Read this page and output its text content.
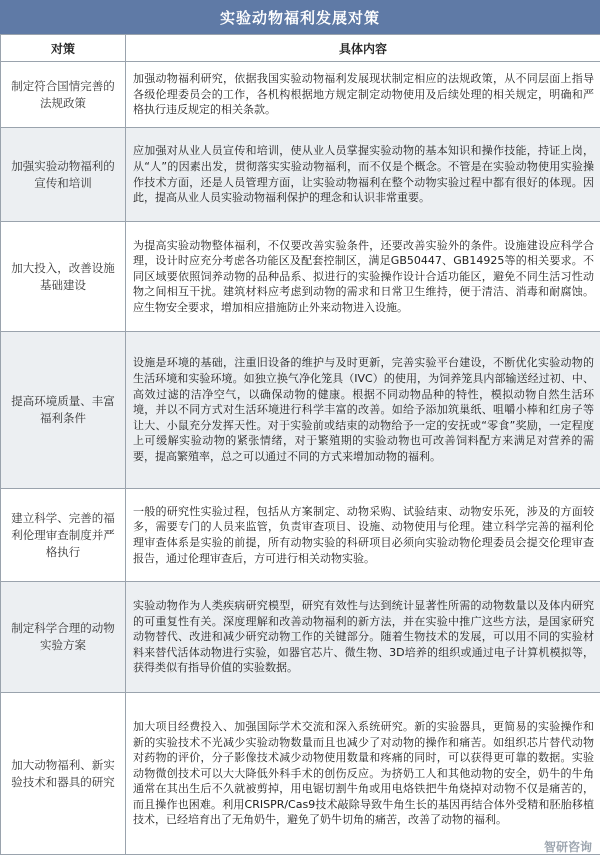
实验动物福利发展对策
对策	具体内容
制定符合国情完善的法规政策	加强动物福利研究，依据我国实验动物福利发展现状制定相应的法规政策，从不同层面上指导各级伦理委员会的工作，各机构根据地方规定制定动物使用及后续处理的相关规定，明确和严格执行违反规定的相关条款。
加强实验动物福利的宣传和培训	应加强对从业人员宣传和培训，使从业人员掌握实验动物的基本知识和操作技能，持证上岗，从“人”的因素出发，贯彻落实实验动物福利，而不仅是个概念。不管是在实验动物使用实验操作技术方面，还是人员管理方面，让实验动物福利在整个动物实验过程中都有很好的体现。因此，提高从业人员实验动物福利保护的理念和认识非常重要。
加大投入，改善设施基础建设	为提高实验动物整体福利，不仅要改善实验条件，还要改善实验外的条件。设施建设应科学合理，设计时应充分考虑各功能区及配套控制区，满足GB50447、GB14925等的相关要求。不同区域要依照饲养动物的品种品系、拟进行的实验操作设计合适功能区，避免不同生活习性动物之间相互干扰。建筑材料应考虑到动物的需求和日常卫生维持，便于清洁、消毒和耐腐蚀。应生物安全要求，增加相应措施防止外来动物进入设施。
提高环境质量、丰富福利条件	设施是环境的基础，注重旧设备的维护与及时更新，完善实验平台建设，不断优化实验动物的生活环境和实验环境。如独立换气净化笼具（IVC）的使用，为饲养笼具内部输送经过初、中、高效过滤的洁净空气，以确保动物的健康。根据不同动物品种的特性，模拟动物自然生活环境，并以不同方式对生活环境进行科学丰富的改善。如给予添加筑巢纸、咀嚼小棒和红房子等让大、小鼠充分发挥天性。对于实验前或结束的动物给予一定的安抚或“零食”奖励，一定程度上可缓解实验动物的紧张情绪，对于繁殖期的实验动物也可改善饲料配方来满足对营养的需要，提高繁殖率，总之可以通过不同的方式来增加动物的福利。
建立科学、完善的福利伦理审查制度并严格执行	一般的研究性实验过程，包括从方案制定、动物采购、试验结束、动物安乐死，涉及的方面较多，需要专门的人员来监管，负责审查项目、设施、动物使用与伦理。建立科学完善的福利伦理审查体系是实验的前提，所有动物实验的科研项目必须向实验动物伦理委员会提交伦理审查报告，通过伦理审查后，方可进行相关动物实验。
制定科学合理的动物实验方案	实验动物作为人类疾病研究模型，研究有效性与达到统计显著性所需的动物数量以及体内研究的可重复性有关。深度理解和改善动物福利的新方法，并在实验中推广这些方法，是国家研究动物替代、改进和减少研究动物工作的关键部分。随着生物技术的发展，可以用不同的实验材料来替代活体动物进行实验，如器官芯片、微生物、3D培养的组织或通过电子计算机模拟等，获得类似有指导价值的实验数据。
加大动物福利、新实验技术和器具的研究	加大项目经费投入、加强国际学术交流和深入系统研究。新的实验器具，更简易的实验操作和新的实验技术不光减少实验动物数量而且也减少了对动物的操作和痛苦。如组织芯片替代动物对药物的评价，分子影像技术减少动物使用数量和疼痛的同时，可以获得更可靠的数据。实验动物微创技术可以大大降低外科手术的创伤反应。为挤奶工人和其他动物的安全，奶牛的牛角通常在其出生后不久就被剪掉，用电锯切割牛角或用电烙铁把牛角烧掉对动物不仅是痛苦的，而且操作也困难。利用CRISPR/Cas9技术敲除导致牛角生长的基因再结合体外受精和胚胎移植技术，已经培育出了无角奶牛，避免了奶牛切角的痛苦，改善了动物的福利。
智研咨询
